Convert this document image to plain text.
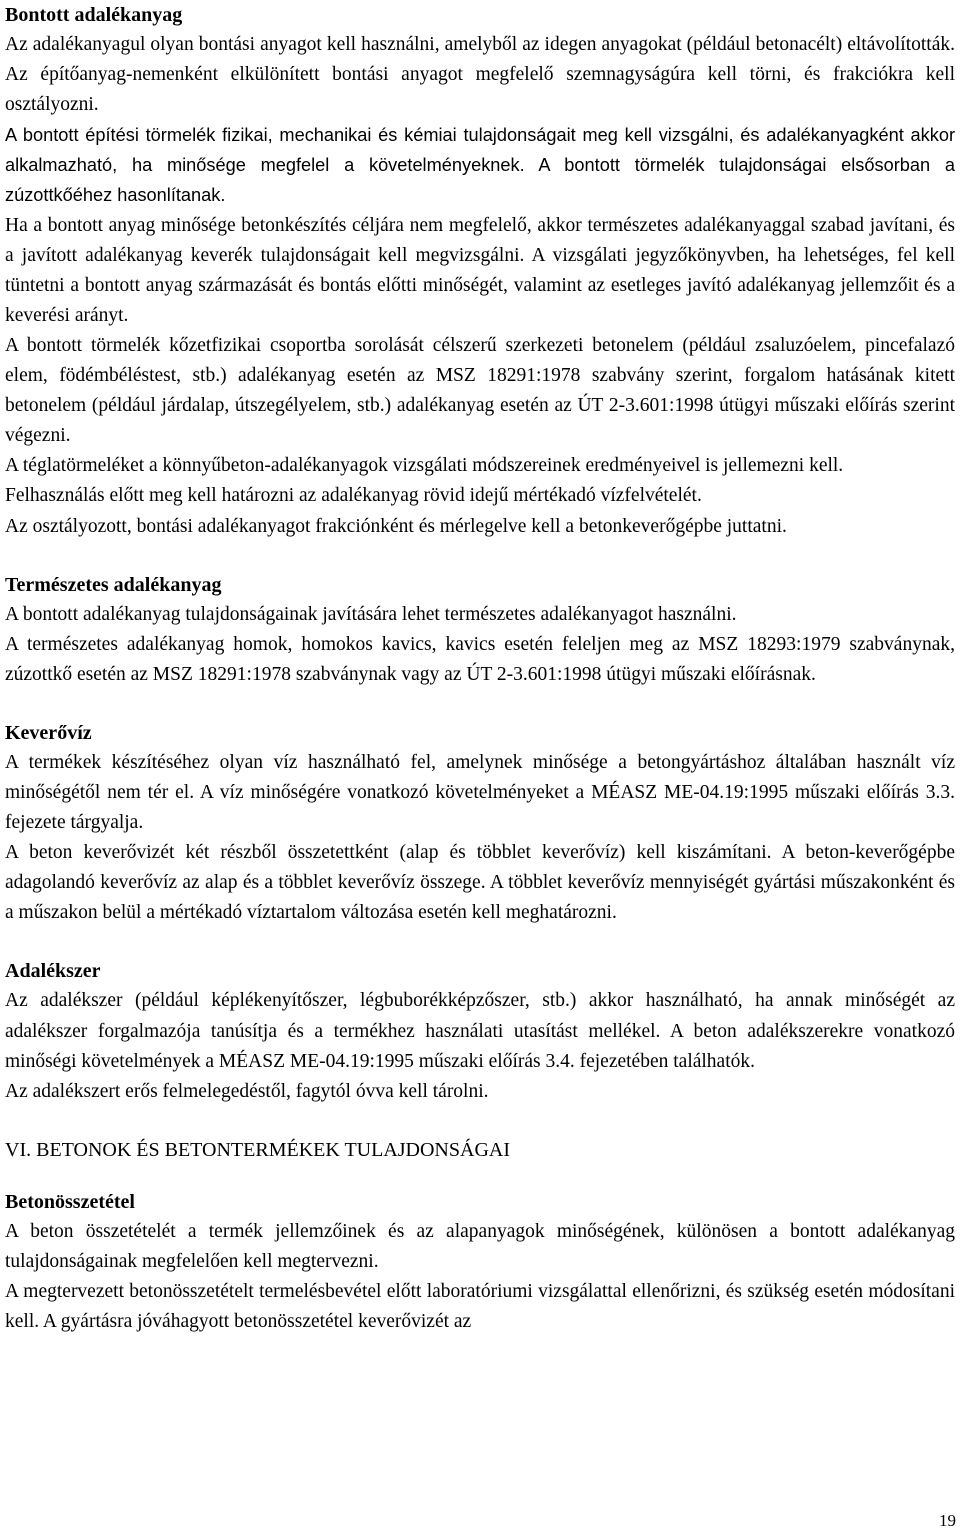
Bontott adalékanyag

Az adalékanyagul olyan bontási anyagot kell használni, amelyből az idegen anyagokat (például betonacélt) eltávolították. Az építőanyag-nemenként elkülönített bontási anyagot megfelelő szemnagyságúra kell törni, és frakciókra kell osztályozni.

A bontott építési törmelék fizikai, mechanikai és kémiai tulajdonságait meg kell vizsgálni, és adalékanyagként akkor alkalmazható, ha minősége megfelel a követelményeknek. A bontott törmelék tulajdonságai elsősorban a zúzottkőéhez hasonlítanak.

Ha a bontott anyag minősége betonkészítés céljára nem megfelelő, akkor természetes adalékanyaggal szabad javítani, és a javított adalékanyag keverék tulajdonságait kell megvizsgálni. A vizsgálati jegyzőkönyvben, ha lehetséges, fel kell tüntetni a bontott anyag származását és bontás előtti minőségét, valamint az esetleges javító adalékanyag jellemzőit és a keverési arányt.

A bontott törmelék kőzetfizikai csoportba sorolását célszerű szerkezeti betonelem (például zsaluzóelem, pincefalazó elem, födémbéléstest, stb.) adalékanyag esetén az MSZ 18291:1978 szabvány szerint, forgalom hatásának kitett betonelem (például járdalap, útszegélyelem, stb.) adalékanyag esetén az ÚT 2-3.601:1998 útügyi műszaki előírás szerint végezni.

A téglatörmeléket a könnyűbeton-adalékanyagok vizsgálati módszereinek eredményeivel is jellemezni kell.

Felhasználás előtt meg kell határozni az adalékanyag rövid idejű mértékadó vízfelvételét.

Az osztályozott, bontási adalékanyagot frakciónként és mérlegelve kell a betonkeverőgépbe juttatni.

Természetes adalékanyag

A bontott adalékanyag tulajdonságainak javítására lehet természetes adalékanyagot használni.

A természetes adalékanyag homok, homokos kavics, kavics esetén feleljen meg az MSZ 18293:1979 szabványnak, zúzottkő esetén az MSZ 18291:1978 szabványnak vagy az ÚT 2-3.601:1998 útügyi műszaki előírásnak.

Keverővíz

A termékek készítéséhez olyan víz használható fel, amelynek minősége a betongyártáshoz általában használt víz minőségétől nem tér el. A víz minőségére vonatkozó követelményeket a MÉASZ ME-04.19:1995 műszaki előírás 3.3. fejezete tárgyalja.

A beton keverővizét két részből összetettként (alap és többlet keverővíz) kell kiszámítani. A beton-keverőgépbe adagolandó keverővíz az alap és a többlet keverővíz összege. A többlet keverővíz mennyiségét gyártási műszakonként és a műszakon belül a mértékadó víztartalom változása esetén kell meghatározni.

Adalékszer

Az adalékszer (például képlékenyítőszer, légbuborékképzőszer, stb.) akkor használható, ha annak minőségét az adalékszer forgalmazója tanúsítja és a termékhez használati utasítást mellékel. A beton adalékszerekre vonatkozó minőségi követelmények a MÉASZ ME-04.19:1995 műszaki előírás 3.4. fejezetében találhatók.

Az adalékszert erős felmelegedéstől, fagytól óvva kell tárolni.

VI. BETONOK ÉS BETONTERMÉKEK TULAJDONSÁGAI
Betonösszetétel

A beton összetételét a termék jellemzőinek és az alapanyagok minőségének, különösen a bontott adalékanyag tulajdonságainak megfelelően kell megtervezni.

A megtervezett betonösszetételt termelésbevétel előtt laboratóriumi vizsgálattal ellenőrizni, és szükség esetén módosítani kell. A gyártásra jóváhagyott betonösszetétel keverővizét az

19
